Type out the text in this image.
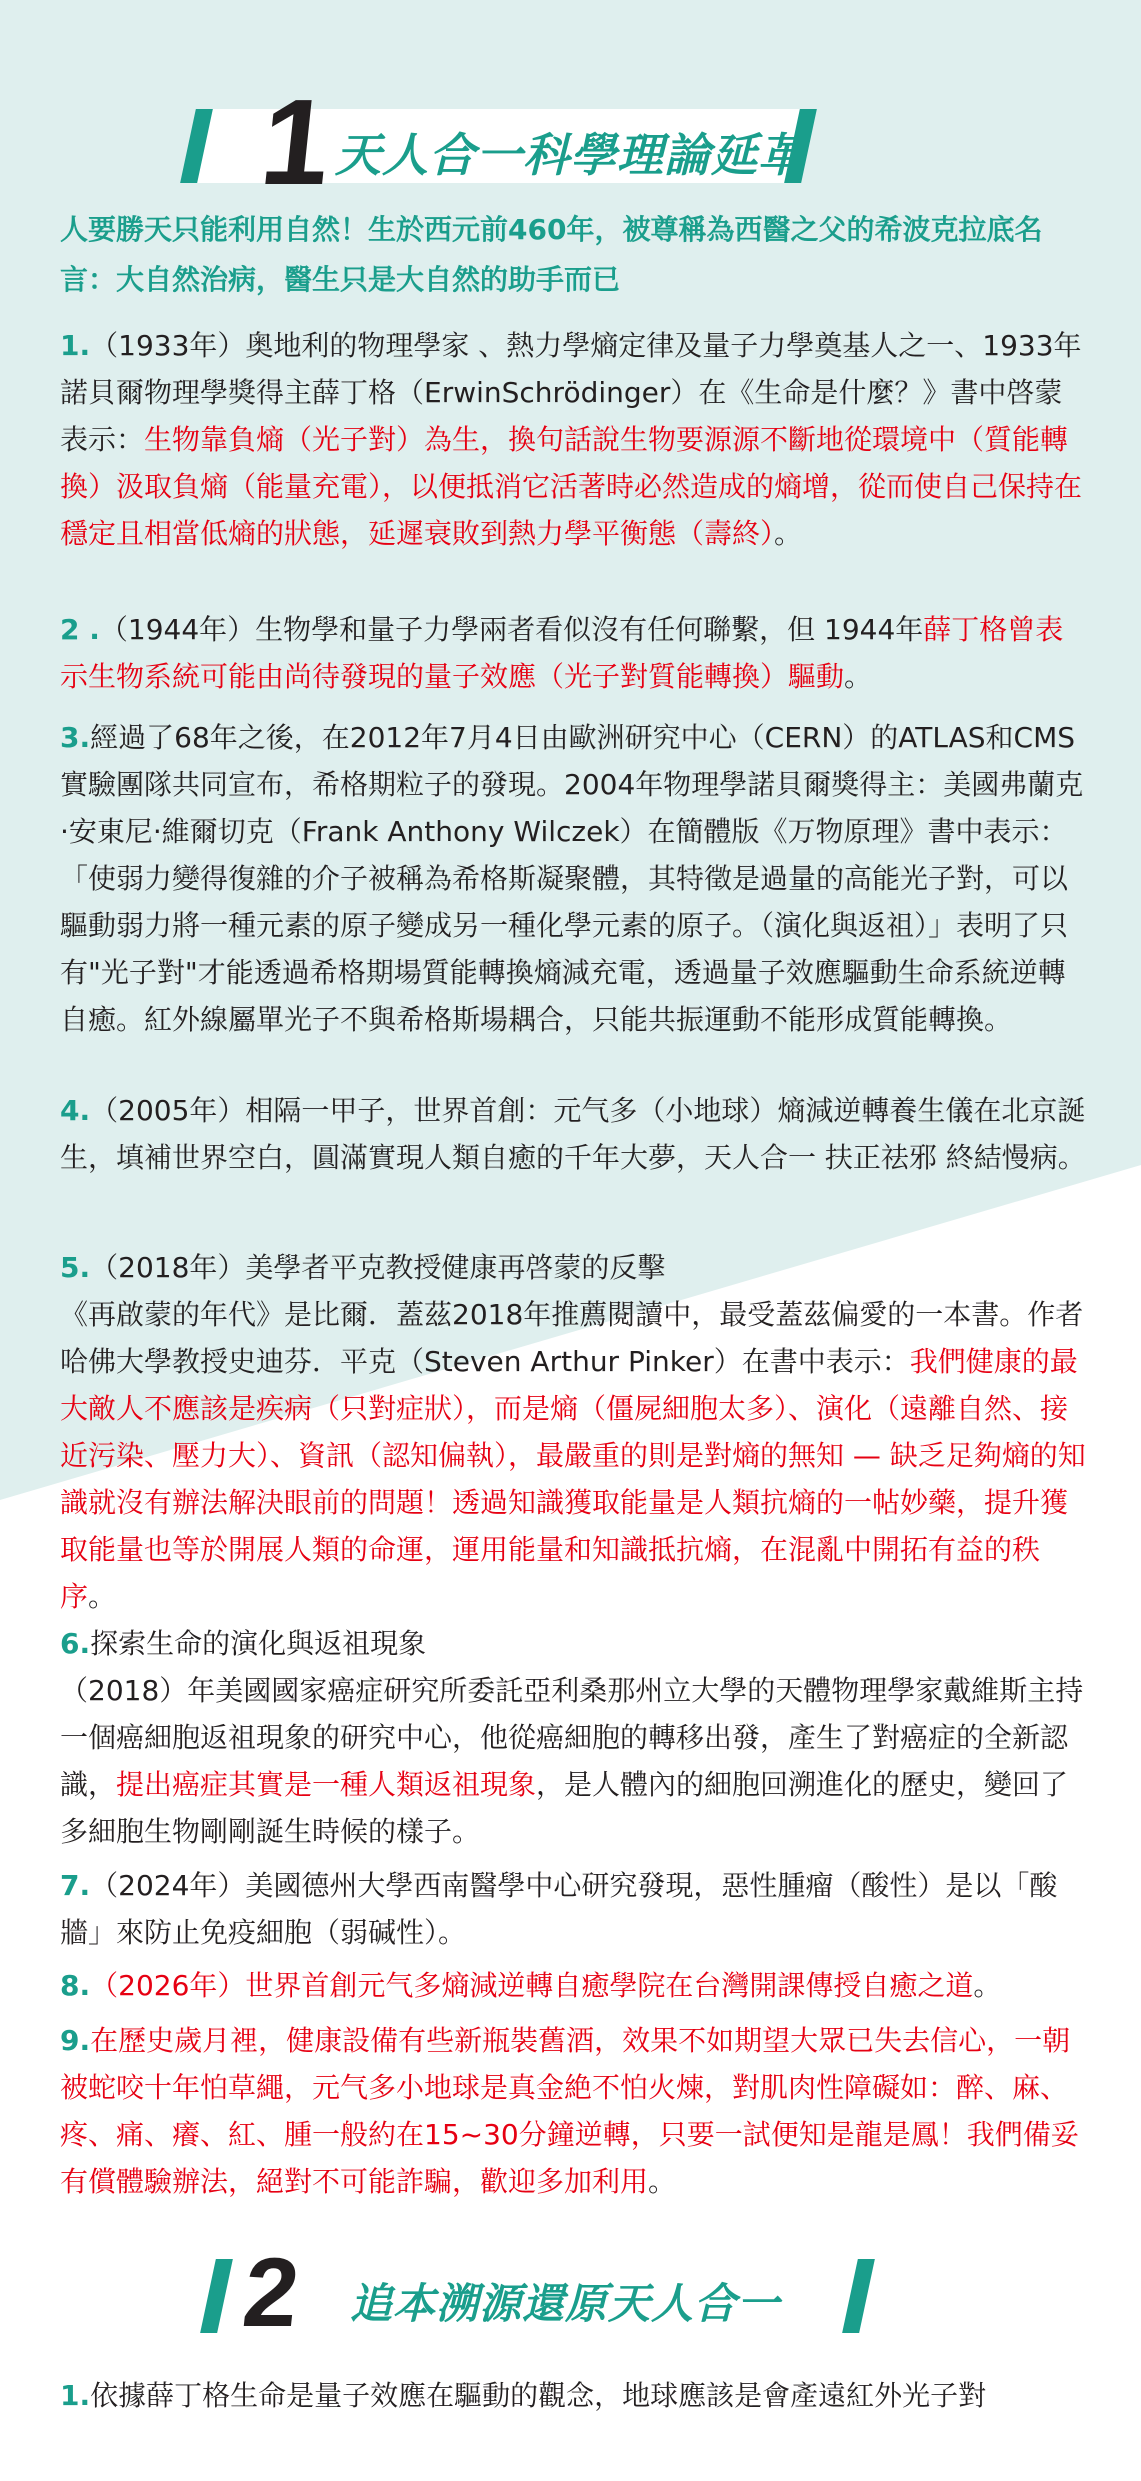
1
天人合一科學理論延革
人要勝天只能利用自然！生於西元前460年，被尊稱為西醫之父的希波克拉底名言：大自然治病，醫生只是大自然的助手而已
1.（1933年）奥地利的物理學家 、熱力學熵定律及量子力學奠基人之一、1933年諾貝爾物理學獎得主薛丁格（ErwinSchrödinger）在《生命是什麼？》書中啓蒙表示：生物靠負熵（光子對）為生，換句話說生物要源源不斷地從環境中（質能轉換）汲取負熵（能量充電），以便抵消它活著時必然造成的熵增，從而使自己保持在穩定且相當低熵的狀態，延遲衰敗到熱力學平衡態（壽終）。
2 .（1944年）生物學和量子力學兩者看似沒有任何聯繫，但 1944年薛丁格曾表示生物系統可能由尚待發現的量子效應（光子對質能轉換）驅動。
3.經過了68年之後，在2012年7月4日由歐洲研究中心（CERN）的ATLAS和CMS實驗團隊共同宣布，希格期粒子的發現。2004年物理學諾貝爾獎得主：美國弗蘭克·安東尼·維爾切克（Frank Anthony Wilczek）在簡體版《万物原理》書中表示：「使弱力變得復雜的介子被稱為希格斯凝聚體，其特徵是過量的高能光子對，可以驅動弱力將一種元素的原子變成另一種化學元素的原子。（演化與返祖）」表明了只有"光子對"才能透過希格期場質能轉換熵減充電，透過量子效應驅動生命系統逆轉自癒。紅外線屬單光子不與希格斯場耦合，只能共振運動不能形成質能轉換。
4.（2005年）相隔一甲子，世界首創：元气多（小地球）熵減逆轉養生儀在北京誕生，填補世界空白，圓滿實現人類自癒的千年大夢，天人合一 扶正祛邪 終結慢病。
5.（2018年）美學者平克教授健康再啓蒙的反擊
《再啟蒙的年代》是比爾．蓋茲2018年推薦閱讀中，最受蓋茲偏愛的一本書。作者哈佛大學教授史迪芬．平克（Steven Arthur Pinker）在書中表示：我們健康的最大敵人不應該是疾病（只對症狀），而是熵（僵屍細胞太多）、演化（遠離自然、接近污染、壓力大）、資訊（認知偏執），最嚴重的則是對熵的無知 — 缺乏足夠熵的知識就沒有辦法解決眼前的問題！透過知識獲取能量是人類抗熵的一帖妙藥，提升獲取能量也等於開展人類的命運，運用能量和知識抵抗熵，在混亂中開拓有益的秩序。
6.探索生命的演化與返祖現象
（2018）年美國國家癌症研究所委託亞利桑那州立大學的天體物理學家戴維斯主持一個癌細胞返祖現象的研究中心，他從癌細胞的轉移出發，產生了對癌症的全新認識，提出癌症其實是一種人類返祖現象，是人體內的細胞回溯進化的歷史，變回了多細胞生物剛剛誕生時候的樣子。
7.（2024年）美國德州大學西南醫學中心研究發現，惡性腫瘤（酸性）是以「酸牆」來防止免疫細胞（弱碱性）。
8.（2026年）世界首創元气多熵減逆轉自癒學院在台灣開課傳授自癒之道。
9.在歷史歲月裡，健康設備有些新瓶裝舊酒，效果不如期望大眾已失去信心，一朝被蛇咬十年怕草繩，元气多小地球是真金絶不怕火煉，對肌肉性障礙如：醉、麻、疼、痛、癢、紅、腫一般約在15~30分鐘逆轉，只要一試便知是龍是鳳！我們備妥有償體驗辦法，絕對不可能詐騙，歡迎多加利用。
2 追本溯源還原天人合一
1.依據薛丁格生命是量子效應在驅動的觀念，地球應該是會產遠紅外光子對
